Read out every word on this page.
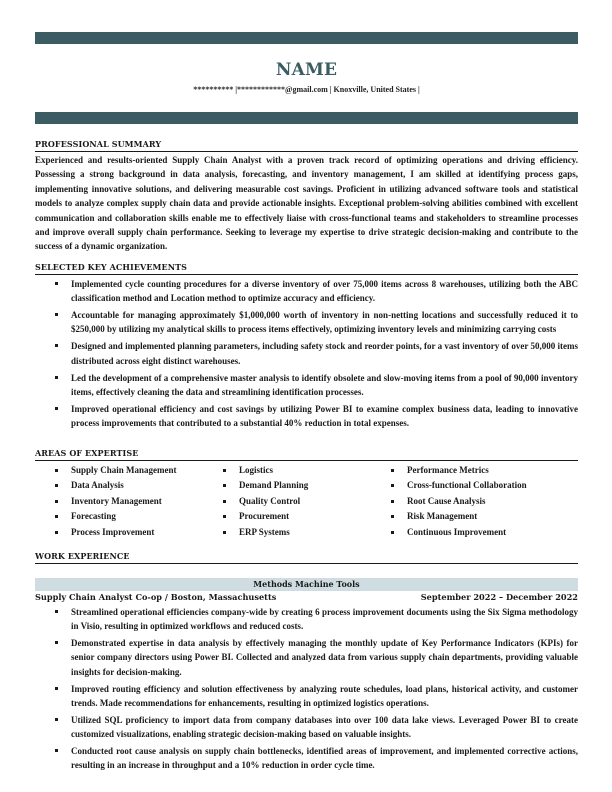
NAME
********** |************@gmail.com | Knoxville, United States |
PROFESSIONAL SUMMARY
Experienced and results-oriented Supply Chain Analyst with a proven track record of optimizing operations and driving efficiency. Possessing a strong background in data analysis, forecasting, and inventory management, I am skilled at identifying process gaps, implementing innovative solutions, and delivering measurable cost savings. Proficient in utilizing advanced software tools and statistical models to analyze complex supply chain data and provide actionable insights. Exceptional problem-solving abilities combined with excellent communication and collaboration skills enable me to effectively liaise with cross-functional teams and stakeholders to streamline processes and improve overall supply chain performance. Seeking to leverage my expertise to drive strategic decision-making and contribute to the success of a dynamic organization.
SELECTED KEY ACHIEVEMENTS
Implemented cycle counting procedures for a diverse inventory of over 75,000 items across 8 warehouses, utilizing both the ABC classification method and Location method to optimize accuracy and efficiency.
Accountable for managing approximately $1,000,000 worth of inventory in non-netting locations and successfully reduced it to $250,000 by utilizing my analytical skills to process items effectively, optimizing inventory levels and minimizing carrying costs
Designed and implemented planning parameters, including safety stock and reorder points, for a vast inventory of over 50,000 items distributed across eight distinct warehouses.
Led the development of a comprehensive master analysis to identify obsolete and slow-moving items from a pool of 90,000 inventory items, effectively cleaning the data and streamlining identification processes.
Improved operational efficiency and cost savings by utilizing Power BI to examine complex business data, leading to innovative process improvements that contributed to a substantial 40% reduction in total expenses.
AREAS OF EXPERTISE
Supply Chain Management
Data Analysis
Inventory Management
Forecasting
Process Improvement
Logistics
Demand Planning
Quality Control
Procurement
ERP Systems
Performance Metrics
Cross-functional Collaboration
Root Cause Analysis
Risk Management
Continuous Improvement
WORK EXPERIENCE
Methods Machine Tools
Supply Chain Analyst Co-op / Boston, Massachusetts	September 2022 – December 2022
Streamlined operational efficiencies company-wide by creating 6 process improvement documents using the Six Sigma methodology in Visio, resulting in optimized workflows and reduced costs.
Demonstrated expertise in data analysis by effectively managing the monthly update of Key Performance Indicators (KPIs) for senior company directors using Power BI. Collected and analyzed data from various supply chain departments, providing valuable insights for decision-making.
Improved routing efficiency and solution effectiveness by analyzing route schedules, load plans, historical activity, and customer trends. Made recommendations for enhancements, resulting in optimized logistics operations.
Utilized SQL proficiency to import data from company databases into over 100 data lake views. Leveraged Power BI to create customized visualizations, enabling strategic decision-making based on valuable insights.
Conducted root cause analysis on supply chain bottlenecks, identified areas of improvement, and implemented corrective actions, resulting in an increase in throughput and a 10% reduction in order cycle time.
